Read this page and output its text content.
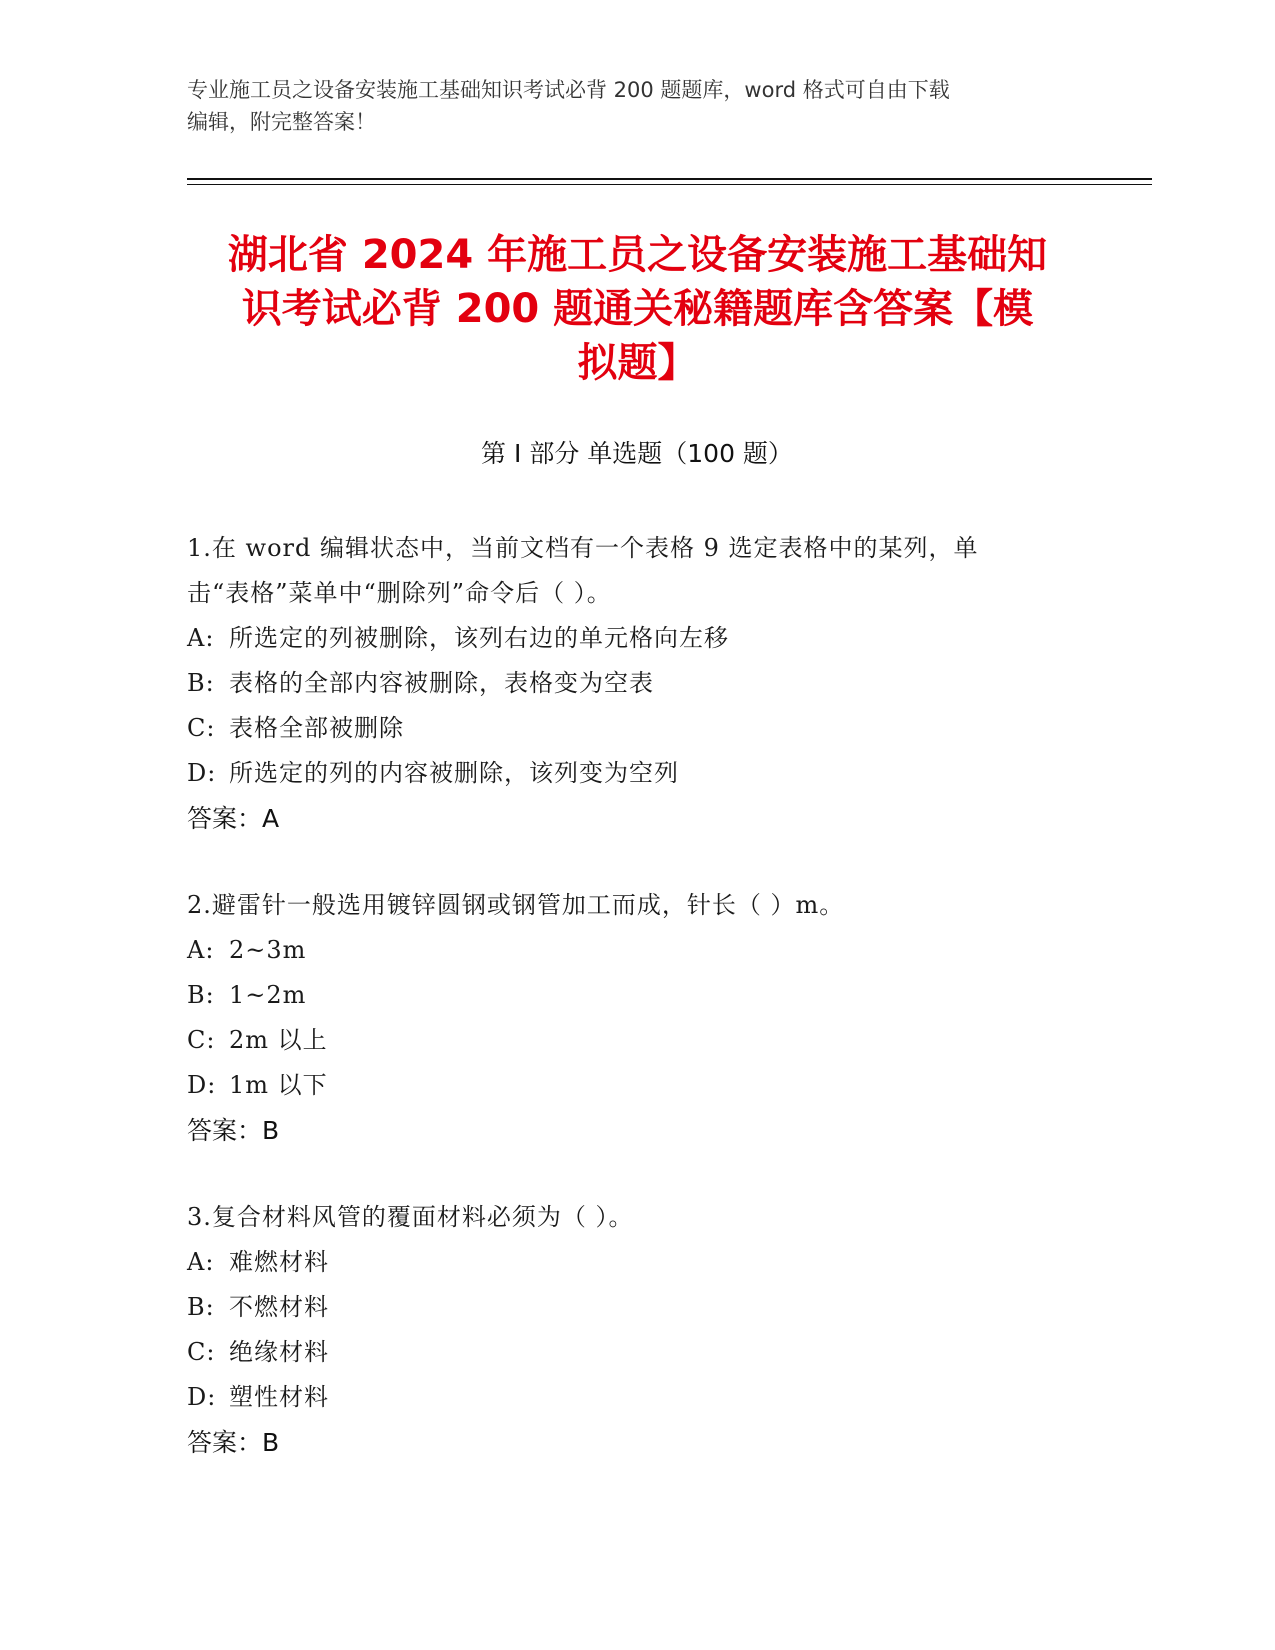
专业施工员之设备安装施工基础知识考试必背 200 题题库，word 格式可自由下载
编辑，附完整答案！
湖北省 2024 年施工员之设备安装施工基础知
识考试必背 200 题通关秘籍题库含答案【模
拟题】
第 I 部分 单选题（100 题）
1.在 word 编辑状态中，当前文档有一个表格 9 选定表格中的某列，单
击“表格”菜单中“删除列”命令后（ ）。
A: 所选定的列被删除，该列右边的单元格向左移
B: 表格的全部内容被删除，表格变为空表
C: 表格全部被删除
D: 所选定的列的内容被删除，该列变为空列
答案：A
2.避雷针一般选用镀锌圆钢或钢管加工而成，针长（ ）m。
A: 2~3m
B: 1~2m
C: 2m 以上
D: 1m 以下
答案：B
3.复合材料风管的覆面材料必须为（ ）。
A: 难燃材料
B: 不燃材料
C: 绝缘材料
D: 塑性材料
答案：B
